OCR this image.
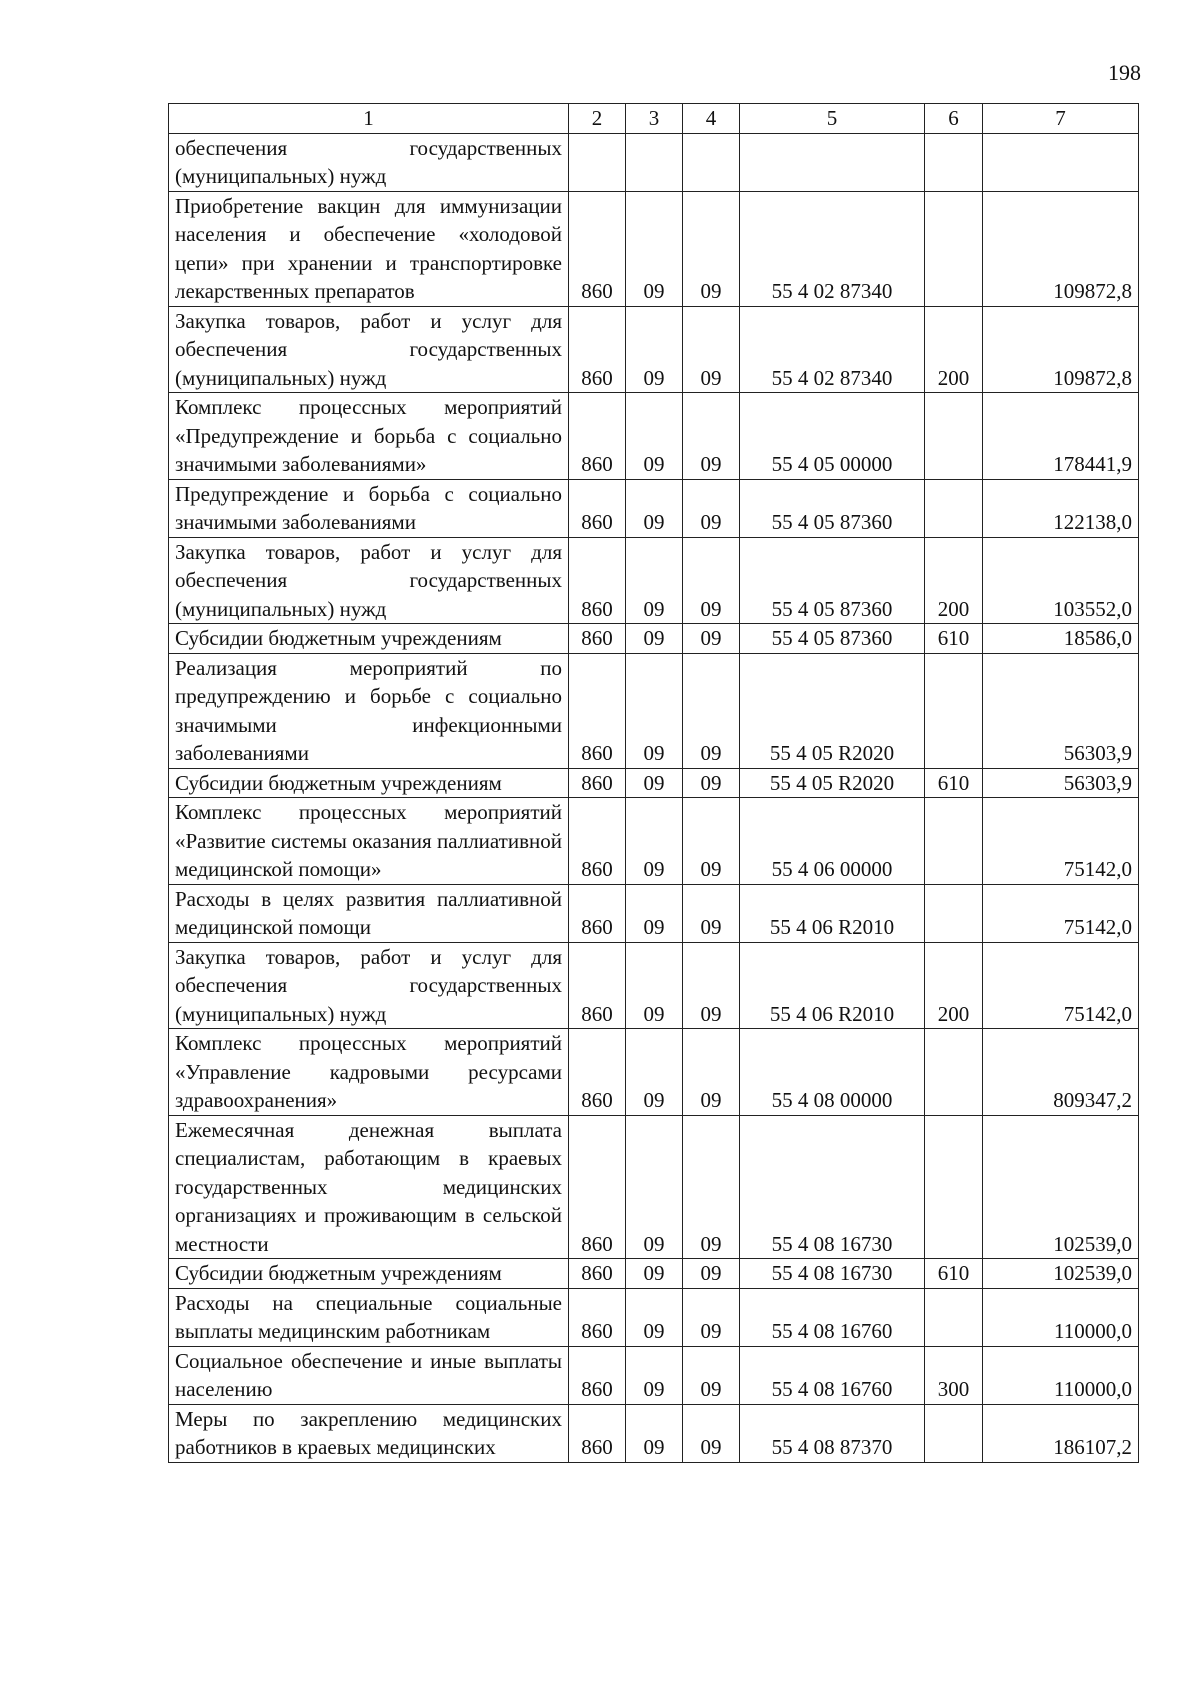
198
1	2	3	4	5	6	7
обеспечения государственных (муниципальных) нужд						
Приобретение вакцин для иммунизации населения и обеспечение «холодовой цепи» при хранении и транспортировке лекарственных препаратов	860	09	09	55 4 02 87340		109872,8
Закупка товаров, работ и услуг для обеспечения государственных (муниципальных) нужд	860	09	09	55 4 02 87340	200	109872,8
Комплекс процессных мероприятий «Предупреждение и борьба с социально значимыми заболеваниями»	860	09	09	55 4 05 00000		178441,9
Предупреждение и борьба с социально значимыми заболеваниями	860	09	09	55 4 05 87360		122138,0
Закупка товаров, работ и услуг для обеспечения государственных (муниципальных) нужд	860	09	09	55 4 05 87360	200	103552,0
Субсидии бюджетным учреждениям	860	09	09	55 4 05 87360	610	18586,0
Реализация мероприятий по предупреждению и борьбе с социально значимыми инфекционными заболеваниями	860	09	09	55 4 05 R2020		56303,9
Субсидии бюджетным учреждениям	860	09	09	55 4 05 R2020	610	56303,9
Комплекс процессных мероприятий «Развитие системы оказания паллиативной медицинской помощи»	860	09	09	55 4 06 00000		75142,0
Расходы в целях развития паллиативной медицинской помощи	860	09	09	55 4 06 R2010		75142,0
Закупка товаров, работ и услуг для обеспечения государственных (муниципальных) нужд	860	09	09	55 4 06 R2010	200	75142,0
Комплекс процессных мероприятий «Управление кадровыми ресурсами здравоохранения»	860	09	09	55 4 08 00000		809347,2
Ежемесячная денежная выплата специалистам, работающим в краевых государственных медицинских организациях и проживающим в сельской местности	860	09	09	55 4 08 16730		102539,0
Субсидии бюджетным учреждениям	860	09	09	55 4 08 16730	610	102539,0
Расходы на специальные социальные выплаты медицинским работникам	860	09	09	55 4 08 16760		110000,0
Социальное обеспечение и иные выплаты населению	860	09	09	55 4 08 16760	300	110000,0
Меры по закреплению медицинских работников в краевых медицинских	860	09	09	55 4 08 87370		186107,2
